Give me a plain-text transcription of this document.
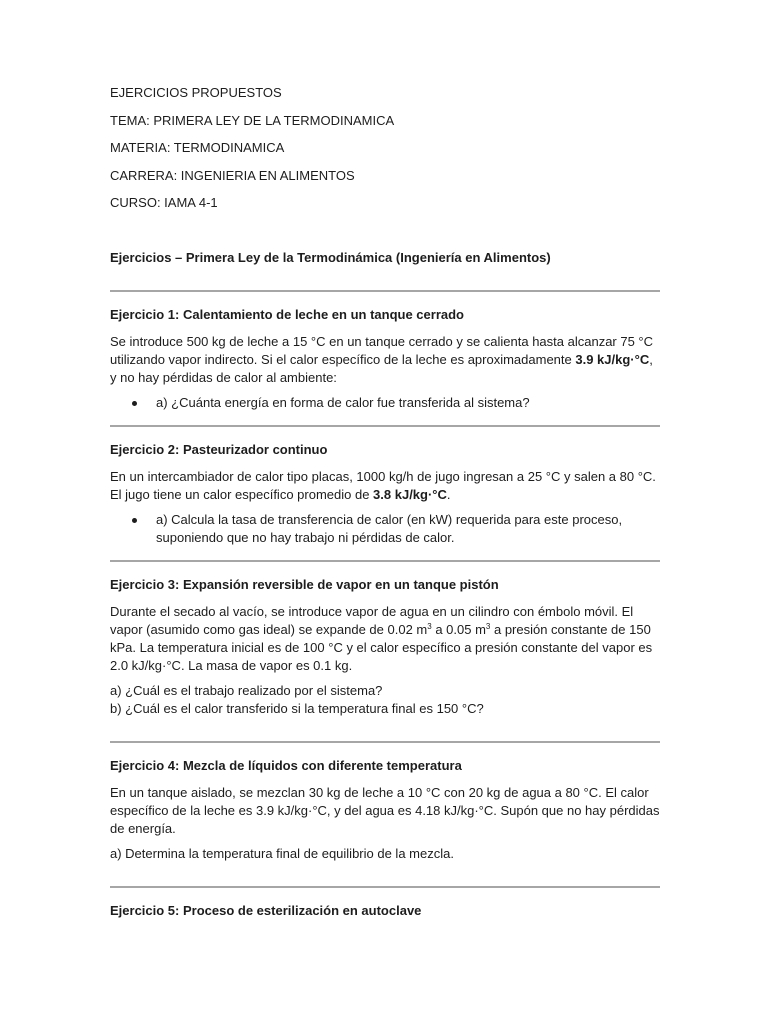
EJERCICIOS PROPUESTOS
TEMA: PRIMERA LEY DE LA TERMODINAMICA
MATERIA: TERMODINAMICA
CARRERA: INGENIERIA EN ALIMENTOS
CURSO: IAMA 4-1
Ejercicios – Primera Ley de la Termodinámica (Ingeniería en Alimentos)
Ejercicio 1: Calentamiento de leche en un tanque cerrado

Se introduce 500 kg de leche a 15 °C en un tanque cerrado y se calienta hasta alcanzar 75 °C utilizando vapor indirecto. Si el calor específico de la leche es aproximadamente 3.9 kJ/kg·°C, y no hay pérdidas de calor al ambiente:

a) ¿Cuánta energía en forma de calor fue transferida al sistema?
Ejercicio 2: Pasteurizador continuo

En un intercambiador de calor tipo placas, 1000 kg/h de jugo ingresan a 25 °C y salen a 80 °C. El jugo tiene un calor específico promedio de 3.8 kJ/kg·°C.

a) Calcula la tasa de transferencia de calor (en kW) requerida para este proceso, suponiendo que no hay trabajo ni pérdidas de calor.
Ejercicio 3: Expansión reversible de vapor en un tanque pistón

Durante el secado al vacío, se introduce vapor de agua en un cilindro con émbolo móvil. El vapor (asumido como gas ideal) se expande de 0.02 $m^3$ a 0.05 $m^3$ a presión constante de 150 kPa. La temperatura inicial es de 100 °C y el calor específico a presión constante del vapor es 2.0 kJ/kg·°C. La masa de vapor es 0.1 kg.

a) ¿Cuál es el trabajo realizado por el sistema?

b) ¿Cuál es el calor transferido si la temperatura final es 150 °C?

Ejercicio 4: Mezcla de líquidos con diferente temperatura

En un tanque aislado, se mezclan 30 kg de leche a 10 °C con 20 kg de agua a 80 °C. El calor específico de la leche es 3.9 kJ/kg·°C, y del agua es 4.18 kJ/kg·°C. Supón que no hay pérdidas de energía.

a) Determina la temperatura final de equilibrio de la mezcla.

Ejercicio 5: Proceso de esterilización en autoclave
